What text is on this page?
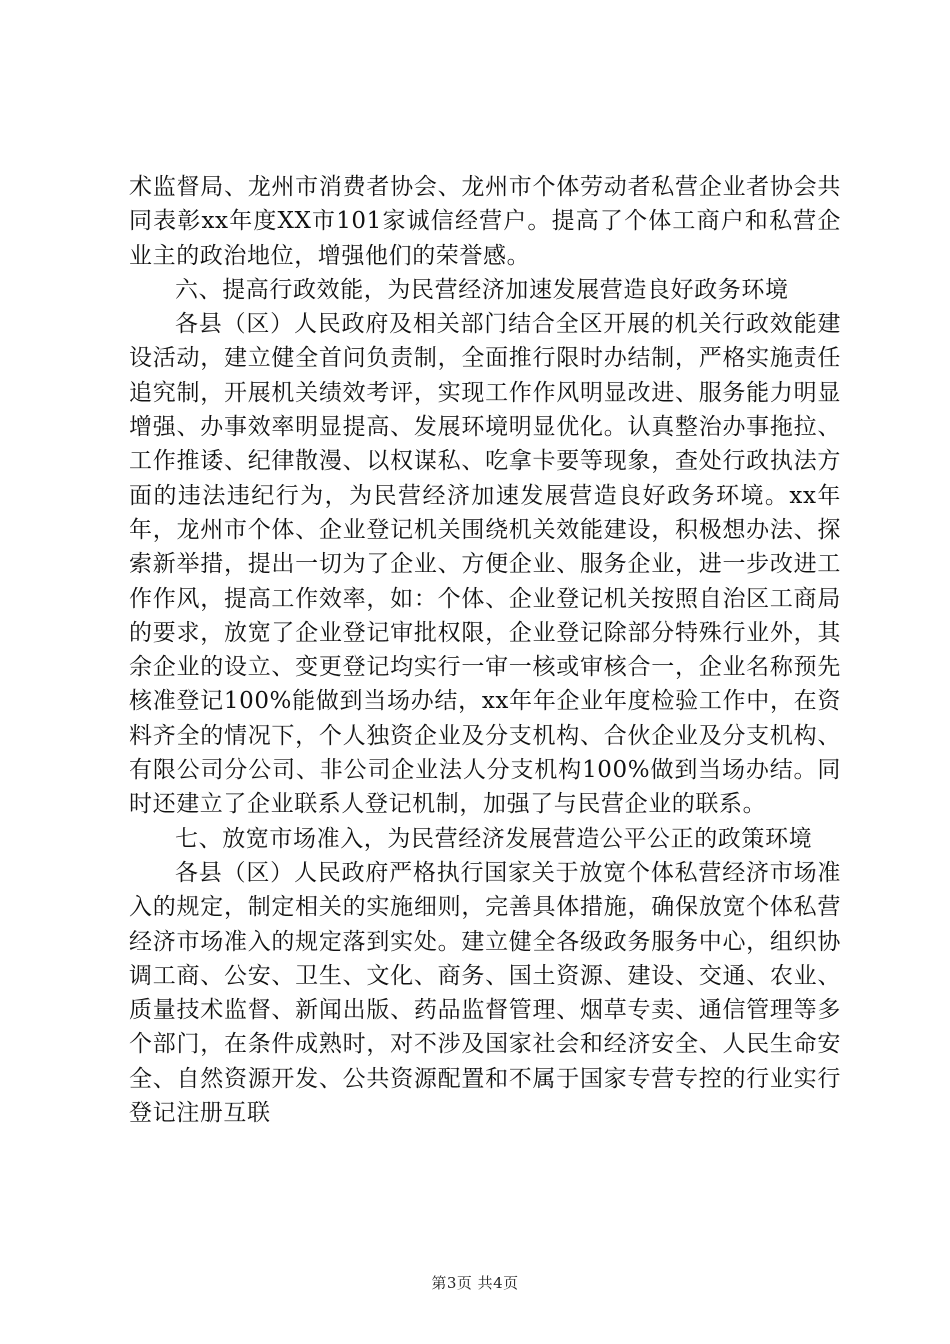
术监督局、龙州市消费者协会、龙州市个体劳动者私营企业者协会共同表彰xx年度XX市101家诚信经营户。提高了个体工商户和私营企业主的政治地位，增强他们的荣誉感。

六、提高行政效能，为民营经济加速发展营造良好政务环境

各县（区）人民政府及相关部门结合全区开展的机关行政效能建设活动，建立健全首问负责制，全面推行限时办结制，严格实施责任追究制，开展机关绩效考评，实现工作作风明显改进、服务能力明显增强、办事效率明显提高、发展环境明显优化。认真整治办事拖拉、工作推诿、纪律散漫、以权谋私、吃拿卡要等现象，查处行政执法方面的违法违纪行为，为民营经济加速发展营造良好政务环境。xx年年，龙州市个体、企业登记机关围绕机关效能建设，积极想办法、探索新举措，提出一切为了企业、方便企业、服务企业，进一步改进工作作风，提高工作效率，如：个体、企业登记机关按照自治区工商局的要求，放宽了企业登记审批权限，企业登记除部分特殊行业外，其余企业的设立、变更登记均实行一审一核或审核合一，企业名称预先核准登记100%能做到当场办结，xx年年企业年度检验工作中，在资料齐全的情况下，个人独资企业及分支机构、合伙企业及分支机构、有限公司分公司、非公司企业法人分支机构100%做到当场办结。同时还建立了企业联系人登记机制，加强了与民营企业的联系。

七、放宽市场准入，为民营经济发展营造公平公正的政策环境

各县（区）人民政府严格执行国家关于放宽个体私营经济市场准入的规定，制定相关的实施细则，完善具体措施，确保放宽个体私营经济市场准入的规定落到实处。建立健全各级政务服务中心，组织协调工商、公安、卫生、文化、商务、国土资源、建设、交通、农业、质量技术监督、新闻出版、药品监督管理、烟草专卖、通信管理等多个部门，在条件成熟时，对不涉及国家社会和经济安全、人民生命安全、自然资源开发、公共资源配置和不属于国家专营专控的行业实行登记注册互联

第3页 共4页
